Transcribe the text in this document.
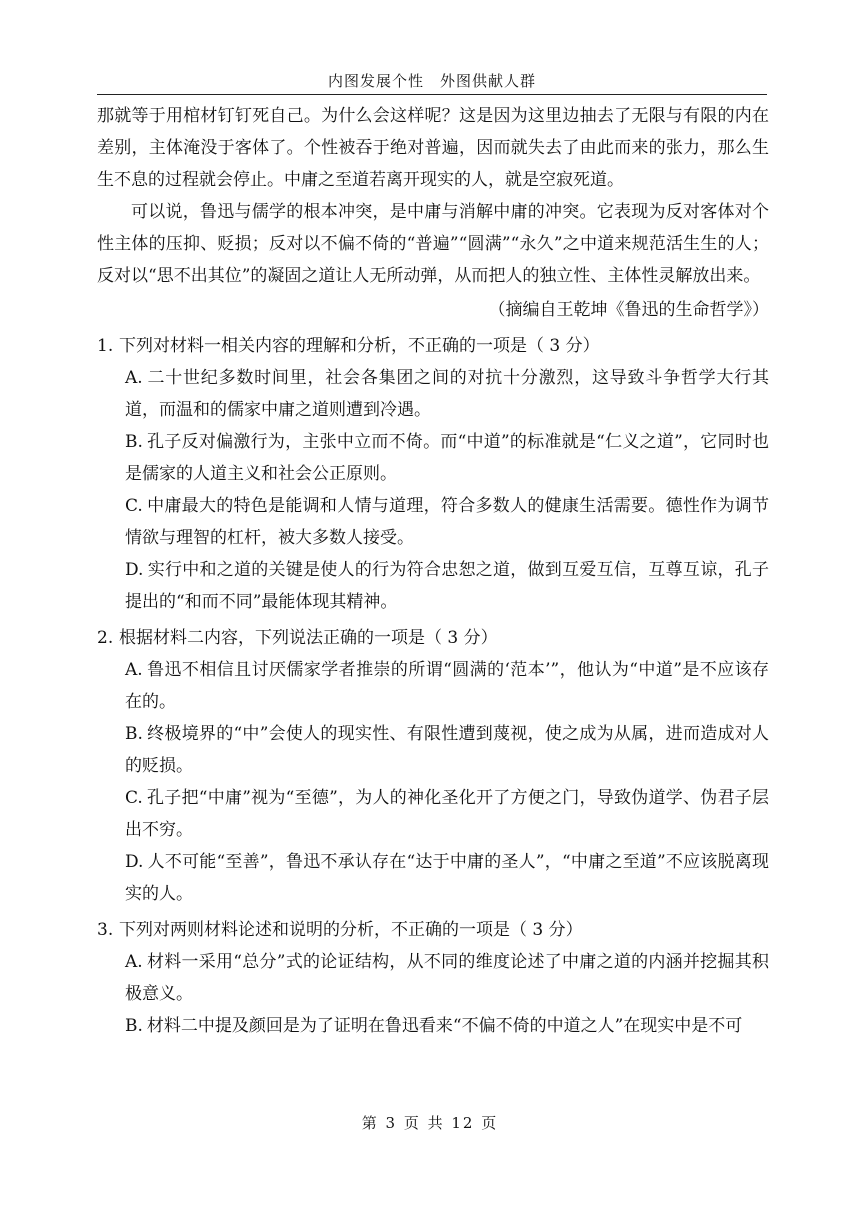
内图发展个性　外图供献人群

那就等于用棺材钉钉死自己。为什么会这样呢？这是因为这里边抽去了无限与有限的内在差别，主体淹没于客体了。个性被吞于绝对普遍，因而就失去了由此而来的张力，那么生生不息的过程就会停止。中庸之至道若离开现实的人，就是空寂死道。

可以说，鲁迅与儒学的根本冲突，是中庸与消解中庸的冲突。它表现为反对客体对个性主体的压抑、贬损；反对以不偏不倚的“普遍”“圆满”“永久”之中道来规范活生生的人；反对以“思不出其位”的凝固之道让人无所动弹，从而把人的独立性、主体性灵解放出来。

（摘编自王乾坤《鲁迅的生命哲学》）

1. 下列对材料一相关内容的理解和分析，不正确的一项是（ 3 分）

A. 二十世纪多数时间里，社会各集团之间的对抗十分激烈，这导致斗争哲学大行其道，而温和的儒家中庸之道则遭到冷遇。

B. 孔子反对偏激行为，主张中立而不倚。而“中道”的标准就是“仁义之道”，它同时也是儒家的人道主义和社会公正原则。

C. 中庸最大的特色是能调和人情与道理，符合多数人的健康生活需要。德性作为调节情欲与理智的杠杆，被大多数人接受。

D. 实行中和之道的关键是使人的行为符合忠恕之道，做到互爱互信，互尊互谅，孔子提出的“和而不同”最能体现其精神。

2. 根据材料二内容，下列说法正确的一项是（ 3 分）

A. 鲁迅不相信且讨厌儒家学者推崇的所谓“圆满的‘范本’”，他认为“中道”是不应该存在的。

B. 终极境界的“中”会使人的现实性、有限性遭到蔑视，使之成为从属，进而造成对人的贬损。

C. 孔子把“中庸”视为“至德”，为人的神化圣化开了方便之门，导致伪道学、伪君子层出不穷。

D. 人不可能“至善”，鲁迅不承认存在“达于中庸的圣人”，“中庸之至道”不应该脱离现实的人。

3. 下列对两则材料论述和说明的分析，不正确的一项是（ 3 分）

A. 材料一采用“总分”式的论证结构，从不同的维度论述了中庸之道的内涵并挖掘其积极意义。

B. 材料二中提及颜回是为了证明在鲁迅看来“不偏不倚的中道之人”在现实中是不可

第 3 页 共 12 页
